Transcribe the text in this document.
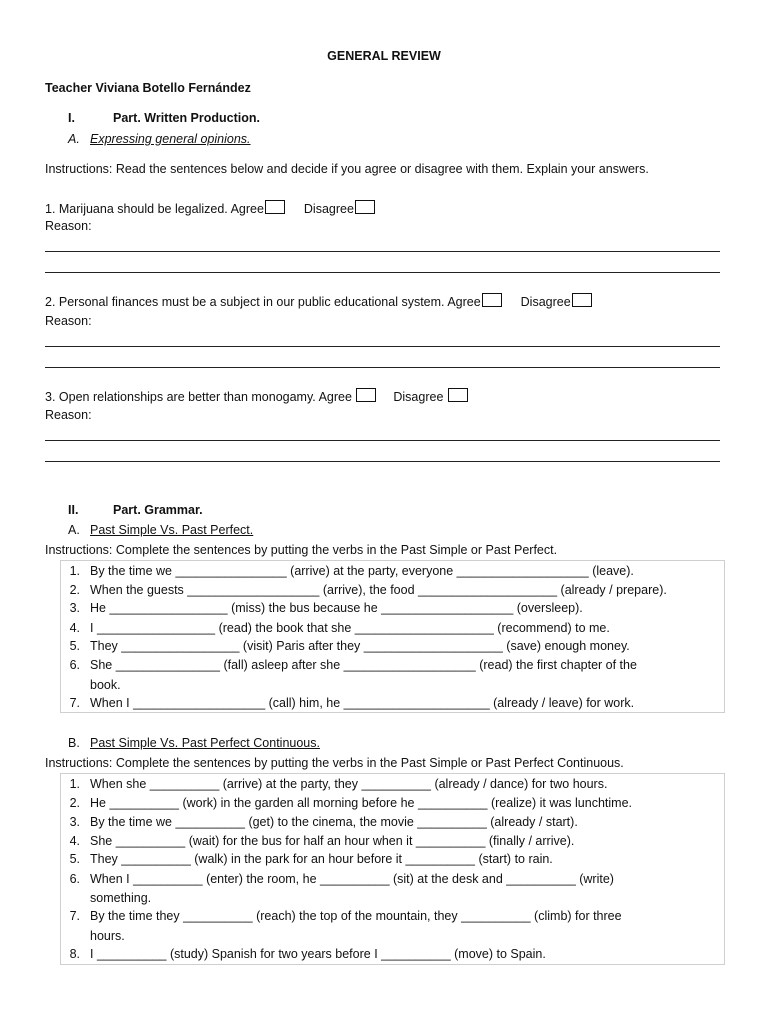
GENERAL REVIEW
Teacher Viviana Botello Fernández
I.	Part. Written Production.
A. Expressing general opinions.
Instructions: Read the sentences below and decide if you agree or disagree with them. Explain your answers.
1. Marijuana should be legalized. Agree	Disagree
Reason:
2. Personal finances must be a subject in our public educational system. Agree	Disagree
Reason:
3. Open relationships are better than monogamy. Agree	Disagree
Reason:
II.	Part. Grammar.
A. Past Simple Vs. Past Perfect.
Instructions: Complete the sentences by putting the verbs in the Past Simple or Past Perfect.
1. By the time we ________________ (arrive) at the party, everyone ___________________ (leave).
2. When the guests ___________________ (arrive), the food ____________________ (already / prepare).
3. He _________________ (miss) the bus because he ___________________ (oversleep).
4. I _________________ (read) the book that she ____________________ (recommend) to me.
5. They _________________ (visit) Paris after they ____________________ (save) enough money.
6. She _______________ (fall) asleep after she ___________________ (read) the first chapter of the
book.
7. When I ___________________ (call) him, he _____________________ (already / leave) for work.
B. Past Simple Vs. Past Perfect Continuous.
Instructions: Complete the sentences by putting the verbs in the Past Simple or Past Perfect Continuous.
1. When she __________ (arrive) at the party, they __________ (already / dance) for two hours.
2. He __________ (work) in the garden all morning before he __________ (realize) it was lunchtime.
3. By the time we __________ (get) to the cinema, the movie __________ (already / start).
4. She __________ (wait) for the bus for half an hour when it __________ (finally / arrive).
5. They __________ (walk) in the park for an hour before it __________ (start) to rain.
6. When I __________ (enter) the room, he __________ (sit) at the desk and __________ (write)
something.
7. By the time they __________ (reach) the top of the mountain, they __________ (climb) for three
hours.
8. I __________ (study) Spanish for two years before I __________ (move) to Spain.
